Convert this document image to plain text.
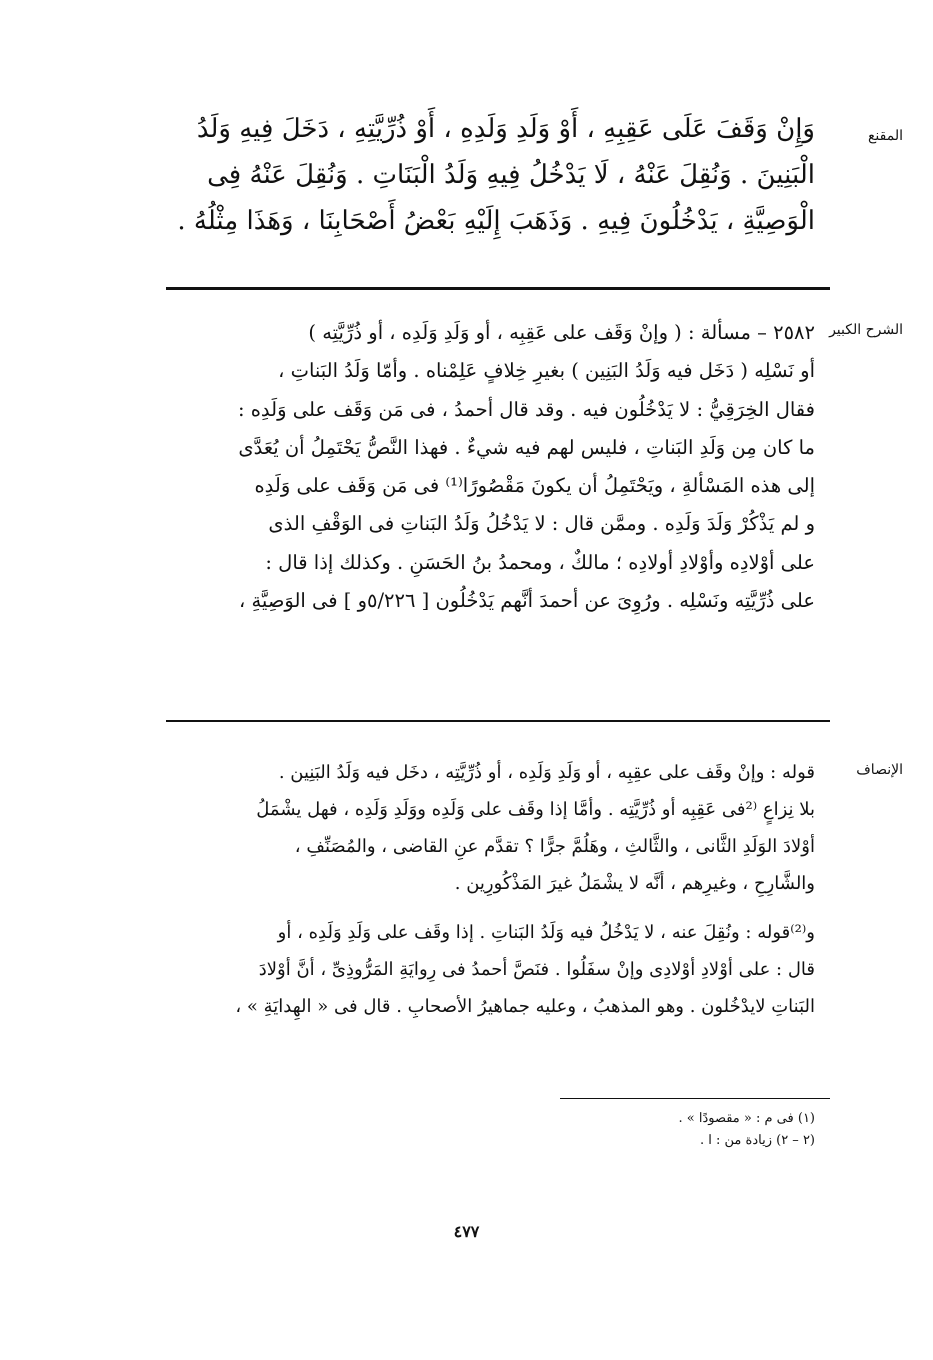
المقنع
وَإِنْ وَقَفَ عَلَى عَقِبِهِ ، أَوْ وَلَدِ وَلَدِهِ ، أَوْ ذُرِّيَّتِهِ ، دَخَلَ فِيهِ وَلَدُ
الْبَنِينَ . وَنُقِلَ عَنْهُ ، لَا يَدْخُلُ فِيهِ وَلَدُ الْبَنَاتِ . وَنُقِلَ عَنْهُ فِى
الْوَصِيَّةِ ، يَدْخُلُونَ فِيهِ . وَذَهَبَ إِلَيْهِ بَعْضُ أَصْحَابِنَا ، وَهَذَا مِثْلُهُ .
الشرح الكبير
٢٥٨٢ – مسألة : ( وإنْ وَقَف على عَقِبِه ، أو وَلَدِ وَلَدِه ، أو ذُرِّيَّتِه )
أو نَسْلِه ( دَخَل فيه وَلَدُ البَنِين ) بغيرِ خِلافٍ عَلِمْناه . وأمّا وَلَدُ البَناتِ ،
فقال الخِرَقِيُّ : لا يَدْخُلُون فيه . وقد قال أحمدُ ، فى مَن وَقَف على وَلَدِه :
ما كان مِن وَلَدِ البَناتِ ، فليس لهم فيه شيءٌ . فهذا النَّصُّ يَحْتَمِلُ أن يُعَدَّى
إلى هذه المَسْألةِ ، ويَحْتَمِلُ أن يكونَ مَقْصُورًا⁽¹⁾ فى مَن وَقَف على وَلَدِه
و لم يَذْكُرْ وَلَدَ وَلَدِه . وممَّن قال : لا يَدْخُلُ وَلَدُ البَناتِ فى الوَقْفِ الذى
على أوْلادِه وأوْلادِ أولادِه ؛ مالكٌ ، ومحمدُ بنُ الحَسَنِ . وكذلك إذا قال :
على ذُرِّيَّتِه ونَسْلِه . ورُوِىَ عن أحمدَ أنَّهم يَدْخُلُون [ ٥/٢٢٦و ] فى الوَصِيَّةِ ،
الإنصاف
قوله : وإنْ وقَف على عقِبِه ، أو وَلَدِ وَلَدِه ، أو ذُرِّيَّتِه ، دخَل فيه وَلَدُ البَنِين .
بلا نِزاعٍ ⁽²فى عَقِبِه أو ذُرِّيَّتِه . وأمَّا إذا وقَف على وَلَدِه ووَلَدِ وَلَدِه ، فهل يشْمَلُ
أوْلادَ الوَلَدِ الثَّانى ، والثَّالثِ ، وهَلُمَّ جرًّا ؟ تقدَّم عنِ القاضى ، والمُصَنِّفِ ،
والشَّارِحِ ، وغيرِهم ، أنَّه لا يشْمَلُ غيرَ المَذْكُورِين .
و⁽²⁾قوله : ونُقِلَ عنه ، لا يَدْخُلُ فيه وَلَدُ البَناتِ . إذا وقَف على وَلَدِ وَلَدِه ، أو
قال : على أوْلادِ أوْلادِى وإنْ سفَلُوا . فنَصَّ أحمدُ فى رِوايَةِ المَرُّوذِىِّ ، أنَّ أوْلادَ
البَناتِ لايدْخُلون . وهو المذهبُ ، وعليه جماهيرُ الأصحابِ . قال فى « الهِدايَةِ » ،
(١) فى م : « مقصودًا » .
(٢ – ٢) زيادة من : ا .
٤٧٧
